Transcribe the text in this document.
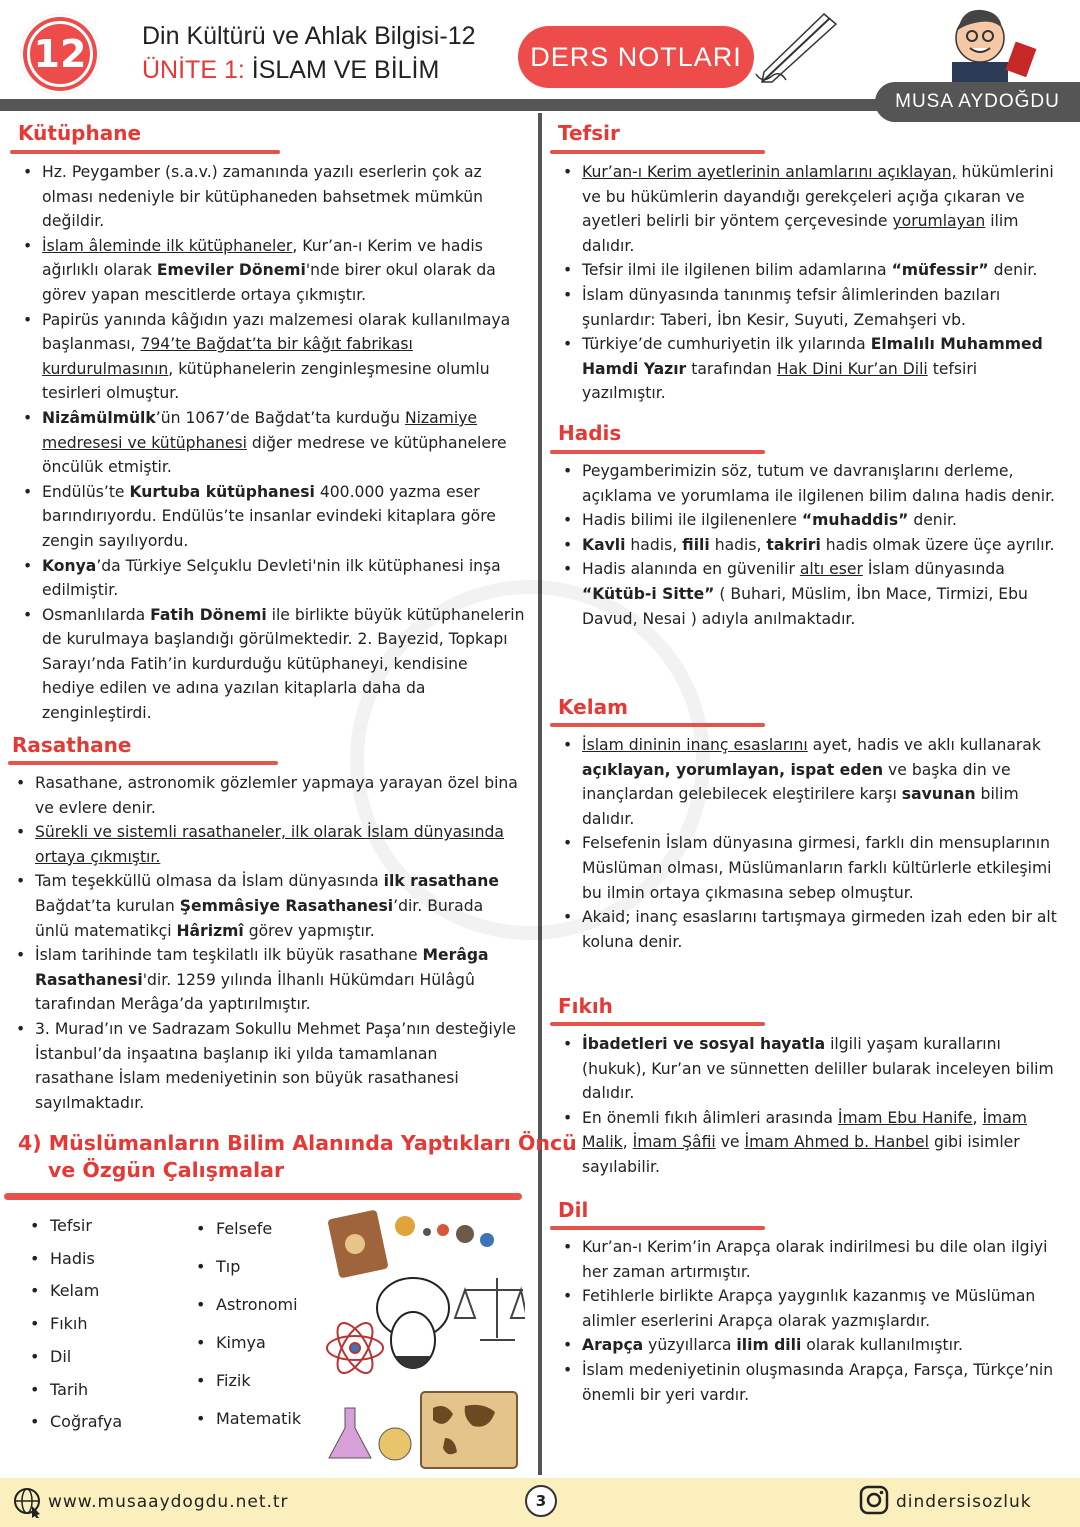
12 Din Kültürü ve Ahlak Bilgisi-12
ÜNİTE 1: İSLAM VE BİLİM	DERS NOTLARI
MUSA AYDOĞDU
Kütüphane
• Hz. Peygamber (s.a.v.) zamanında yazılı eserlerin çok az olması nedeniyle bir kütüphaneden bahsetmek mümkün değildir.
• İslam âleminde ilk kütüphaneler, Kur’an-ı Kerim ve hadis ağırlıklı olarak Emeviler Dönemi'nde birer okul olarak da görev yapan mescitlerde ortaya çıkmıştır.
• Papirüs yanında kâğıdın yazı malzemesi olarak kullanılmaya başlanması, 794’te Bağdat’ta bir kâğıt fabrikası kurdurulmasının, kütüphanelerin zenginleşmesine olumlu tesirleri olmuştur.
• Nizâmülmülk’ün 1067’de Bağdat’ta kurduğu Nizamiye medresesi ve kütüphanesi diğer medrese ve kütüphanelere öncülük etmiştir.
• Endülüs’te Kurtuba kütüphanesi 400.000 yazma eser barındırıyordu. Endülüs’te insanlar evindeki kitaplara göre zengin sayılıyordu.
• Konya’da Türkiye Selçuklu Devleti'nin ilk kütüphanesi inşa edilmiştir.
• Osmanlılarda Fatih Dönemi ile birlikte büyük kütüphanelerin de kurulmaya başlandığı görülmektedir. 2. Bayezid, Topkapı Sarayı’nda Fatih’in kurdurduğu kütüphaneyi, kendisine hediye edilen ve adına yazılan kitaplarla daha da zenginleştirdi.
Rasathane
• Rasathane, astronomik gözlemler yapmaya yarayan özel bina ve evlere denir.
• Sürekli ve sistemli rasathaneler, ilk olarak İslam dünyasında ortaya çıkmıştır.
• Tam teşekküllü olmasa da İslam dünyasında ilk rasathane Bağdat’ta kurulan Şemmâsiye Rasathanesi’dir. Burada ünlü matematikçi Hârizmî görev yapmıştır.
• İslam tarihinde tam teşkilatlı ilk büyük rasathane Merâga Rasathanesi'dir. 1259 yılında İlhanlı Hükümdarı Hülâgû tarafından Merâga’da yaptırılmıştır.
• 3. Murad’ın ve Sadrazam Sokullu Mehmet Paşa’nın desteğiyle İstanbul’da inşaatına başlanıp iki yılda tamamlanan rasathane İslam medeniyetinin son büyük rasathanesi sayılmaktadır.
4) Müslümanların Bilim Alanında Yaptıkları Öncü
ve Özgün Çalışmalar
• Tefsir
• Hadis
• Kelam
• Fıkıh
• Dil
• Tarih
• Coğrafya
• Felsefe
• Tıp
• Astronomi
• Kimya
• Fizik
• Matematik
Tefsir
• Kur’an-ı Kerim ayetlerinin anlamlarını açıklayan, hükümlerini ve bu hükümlerin dayandığı gerekçeleri açığa çıkaran ve ayetleri belirli bir yöntem çerçevesinde yorumlayan ilim dalıdır.
• Tefsir ilmi ile ilgilenen bilim adamlarına “müfessir” denir.
• İslam dünyasında tanınmış tefsir âlimlerinden bazıları şunlardır: Taberi, İbn Kesir, Suyuti, Zemahşeri vb.
• Türkiye’de cumhuriyetin ilk yılarında Elmalılı Muhammed Hamdi Yazır tarafından Hak Dini Kur’an Dili tefsiri yazılmıştır.
Hadis
• Peygamberimizin söz, tutum ve davranışlarını derleme, açıklama ve yorumlama ile ilgilenen bilim dalına hadis denir.
• Hadis bilimi ile ilgilenenlere “muhaddis” denir.
• Kavli hadis, fiili hadis, takriri hadis olmak üzere üçe ayrılır.
• Hadis alanında en güvenilir altı eser İslam dünyasında “Kütüb-i Sitte” ( Buhari, Müslim, İbn Mace, Tirmizi, Ebu Davud, Nesai ) adıyla anılmaktadır.
Kelam
• İslam dininin inanç esaslarını ayet, hadis ve aklı kullanarak açıklayan, yorumlayan, ispat eden ve başka din ve inançlardan gelebilecek eleştirilere karşı savunan bilim dalıdır.
• Felsefenin İslam dünyasına girmesi, farklı din mensuplarının Müslüman olması, Müslümanların farklı kültürlerle etkileşimi bu ilmin ortaya çıkmasına sebep olmuştur.
• Akaid; inanç esaslarını tartışmaya girmeden izah eden bir alt koluna denir.
Fıkıh
• İbadetleri ve sosyal hayatla ilgili yaşam kurallarını (hukuk), Kur’an ve sünnetten deliller bularak inceleyen bilim dalıdır.
• En önemli fıkıh âlimleri arasında İmam Ebu Hanife, İmam Malik, İmam Şâfii ve İmam Ahmed b. Hanbel gibi isimler sayılabilir.
Dil
• Kur’an-ı Kerim’in Arapça olarak indirilmesi bu dile olan ilgiyi her zaman artırmıştır.
• Fetihlerle birlikte Arapça yaygınlık kazanmış ve Müslüman alimler eserlerini Arapça olarak yazmışlardır.
• Arapça yüzyıllarca ilim dili olarak kullanılmıştır.
• İslam medeniyetinin oluşmasında Arapça, Farsça, Türkçe’nin önemli bir yeri vardır.
www.musaaydogdu.net.tr	3	dindersisozluk
